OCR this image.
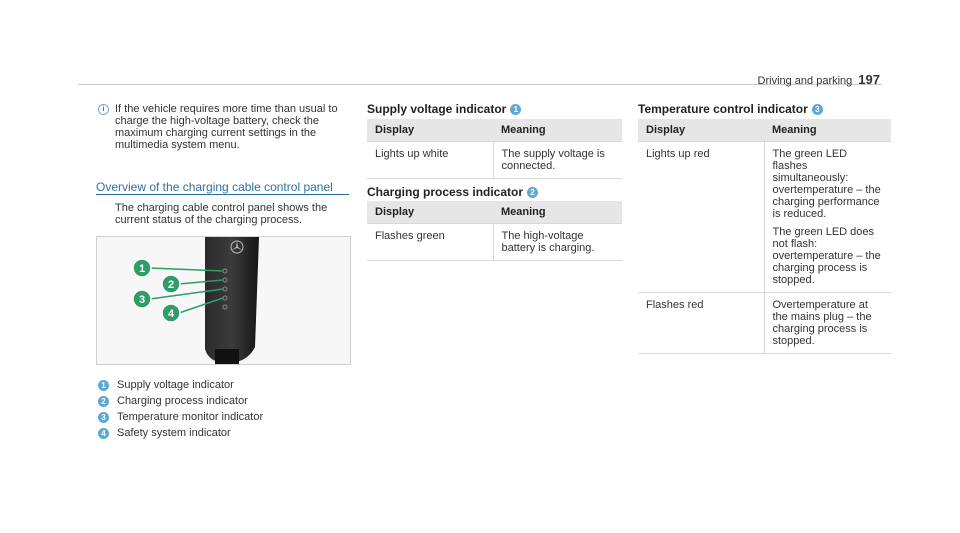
Driving and parking 197
i If the vehicle requires more time than usual to charge the high-voltage battery, check the maximum charging current settings in the multimedia system menu.
Overview of the charging cable control panel
The charging cable control panel shows the current status of the charging process.
1
2
3
4
1 Supply voltage indicator
2 Charging process indicator
3 Temperature monitor indicator
4 Safety system indicator
Supply voltage indicator 1
Display	Meaning
Lights up white	The supply voltage is connected.
Charging process indicator 2
Display	Meaning
Flashes green	The high-voltage battery is charging.
Temperature control indicator 3
Display	Meaning
Lights up red	The green LED flashes simultaneously: overtemperature – the charging performance is reduced.
The green LED does not flash: overtemperature – the charging process is stopped.

Flashes red	Overtemperature at the mains plug – the charging process is stopped.
